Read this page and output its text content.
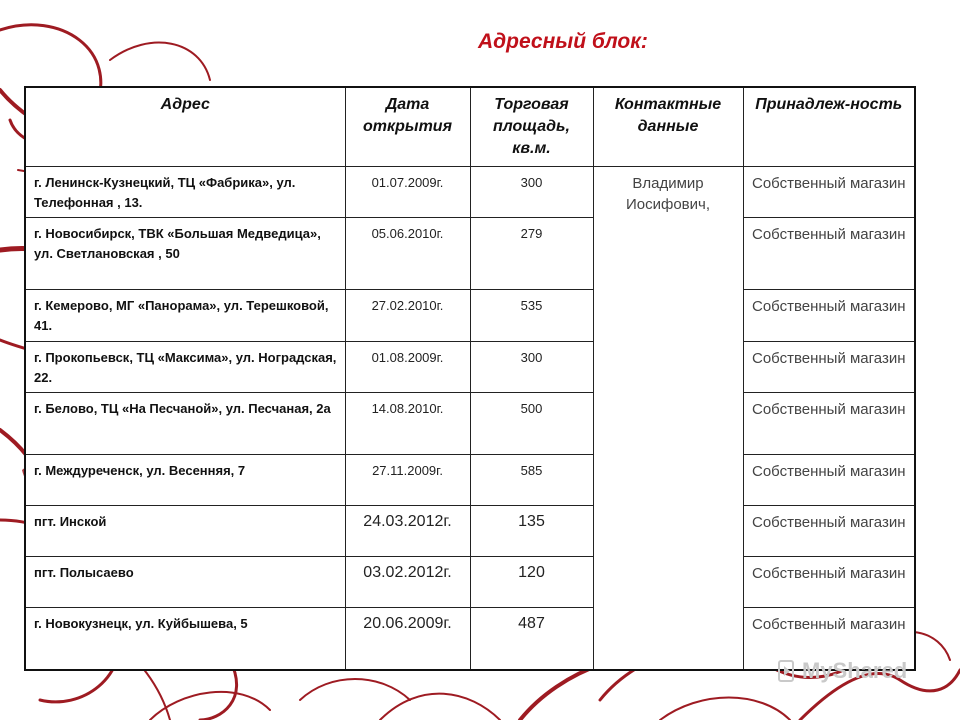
Адресный блок:
Адрес	Дата открытия	Торговая площадь, кв.м.	Контактные данные	Принадлеж-ность
г. Ленинск-Кузнецкий, ТЦ «Фабрика», ул. Телефонная , 13.	01.07.2009г.	300	Владимир Иосифович,	Собственный магазин
г. Новосибирск, ТВК «Большая Медведица», ул. Светлановская , 50	05.06.2010г.	279		Собственный магазин
г. Кемерово, МГ «Панорама», ул. Терешковой, 41.	27.02.2010г.	535		Собственный магазин
г. Прокопьевск, ТЦ «Максима», ул. Ноградская, 22.	01.08.2009г.	300		Собственный магазин
г. Белово, ТЦ «На Песчаной», ул. Песчаная, 2а	14.08.2010г.	500		Собственный магазин
г. Междуреченск, ул. Весенняя, 7	27.11.2009г.	585		Собственный магазин
пгт. Инской	24.03.2012г.	135		Собственный магазин
пгт. Полысаево	03.02.2012г.	120		Собственный магазин
г. Новокузнецк, ул. Куйбышева, 5	20.06.2009г.	487		Собственный магазин
MyShared
